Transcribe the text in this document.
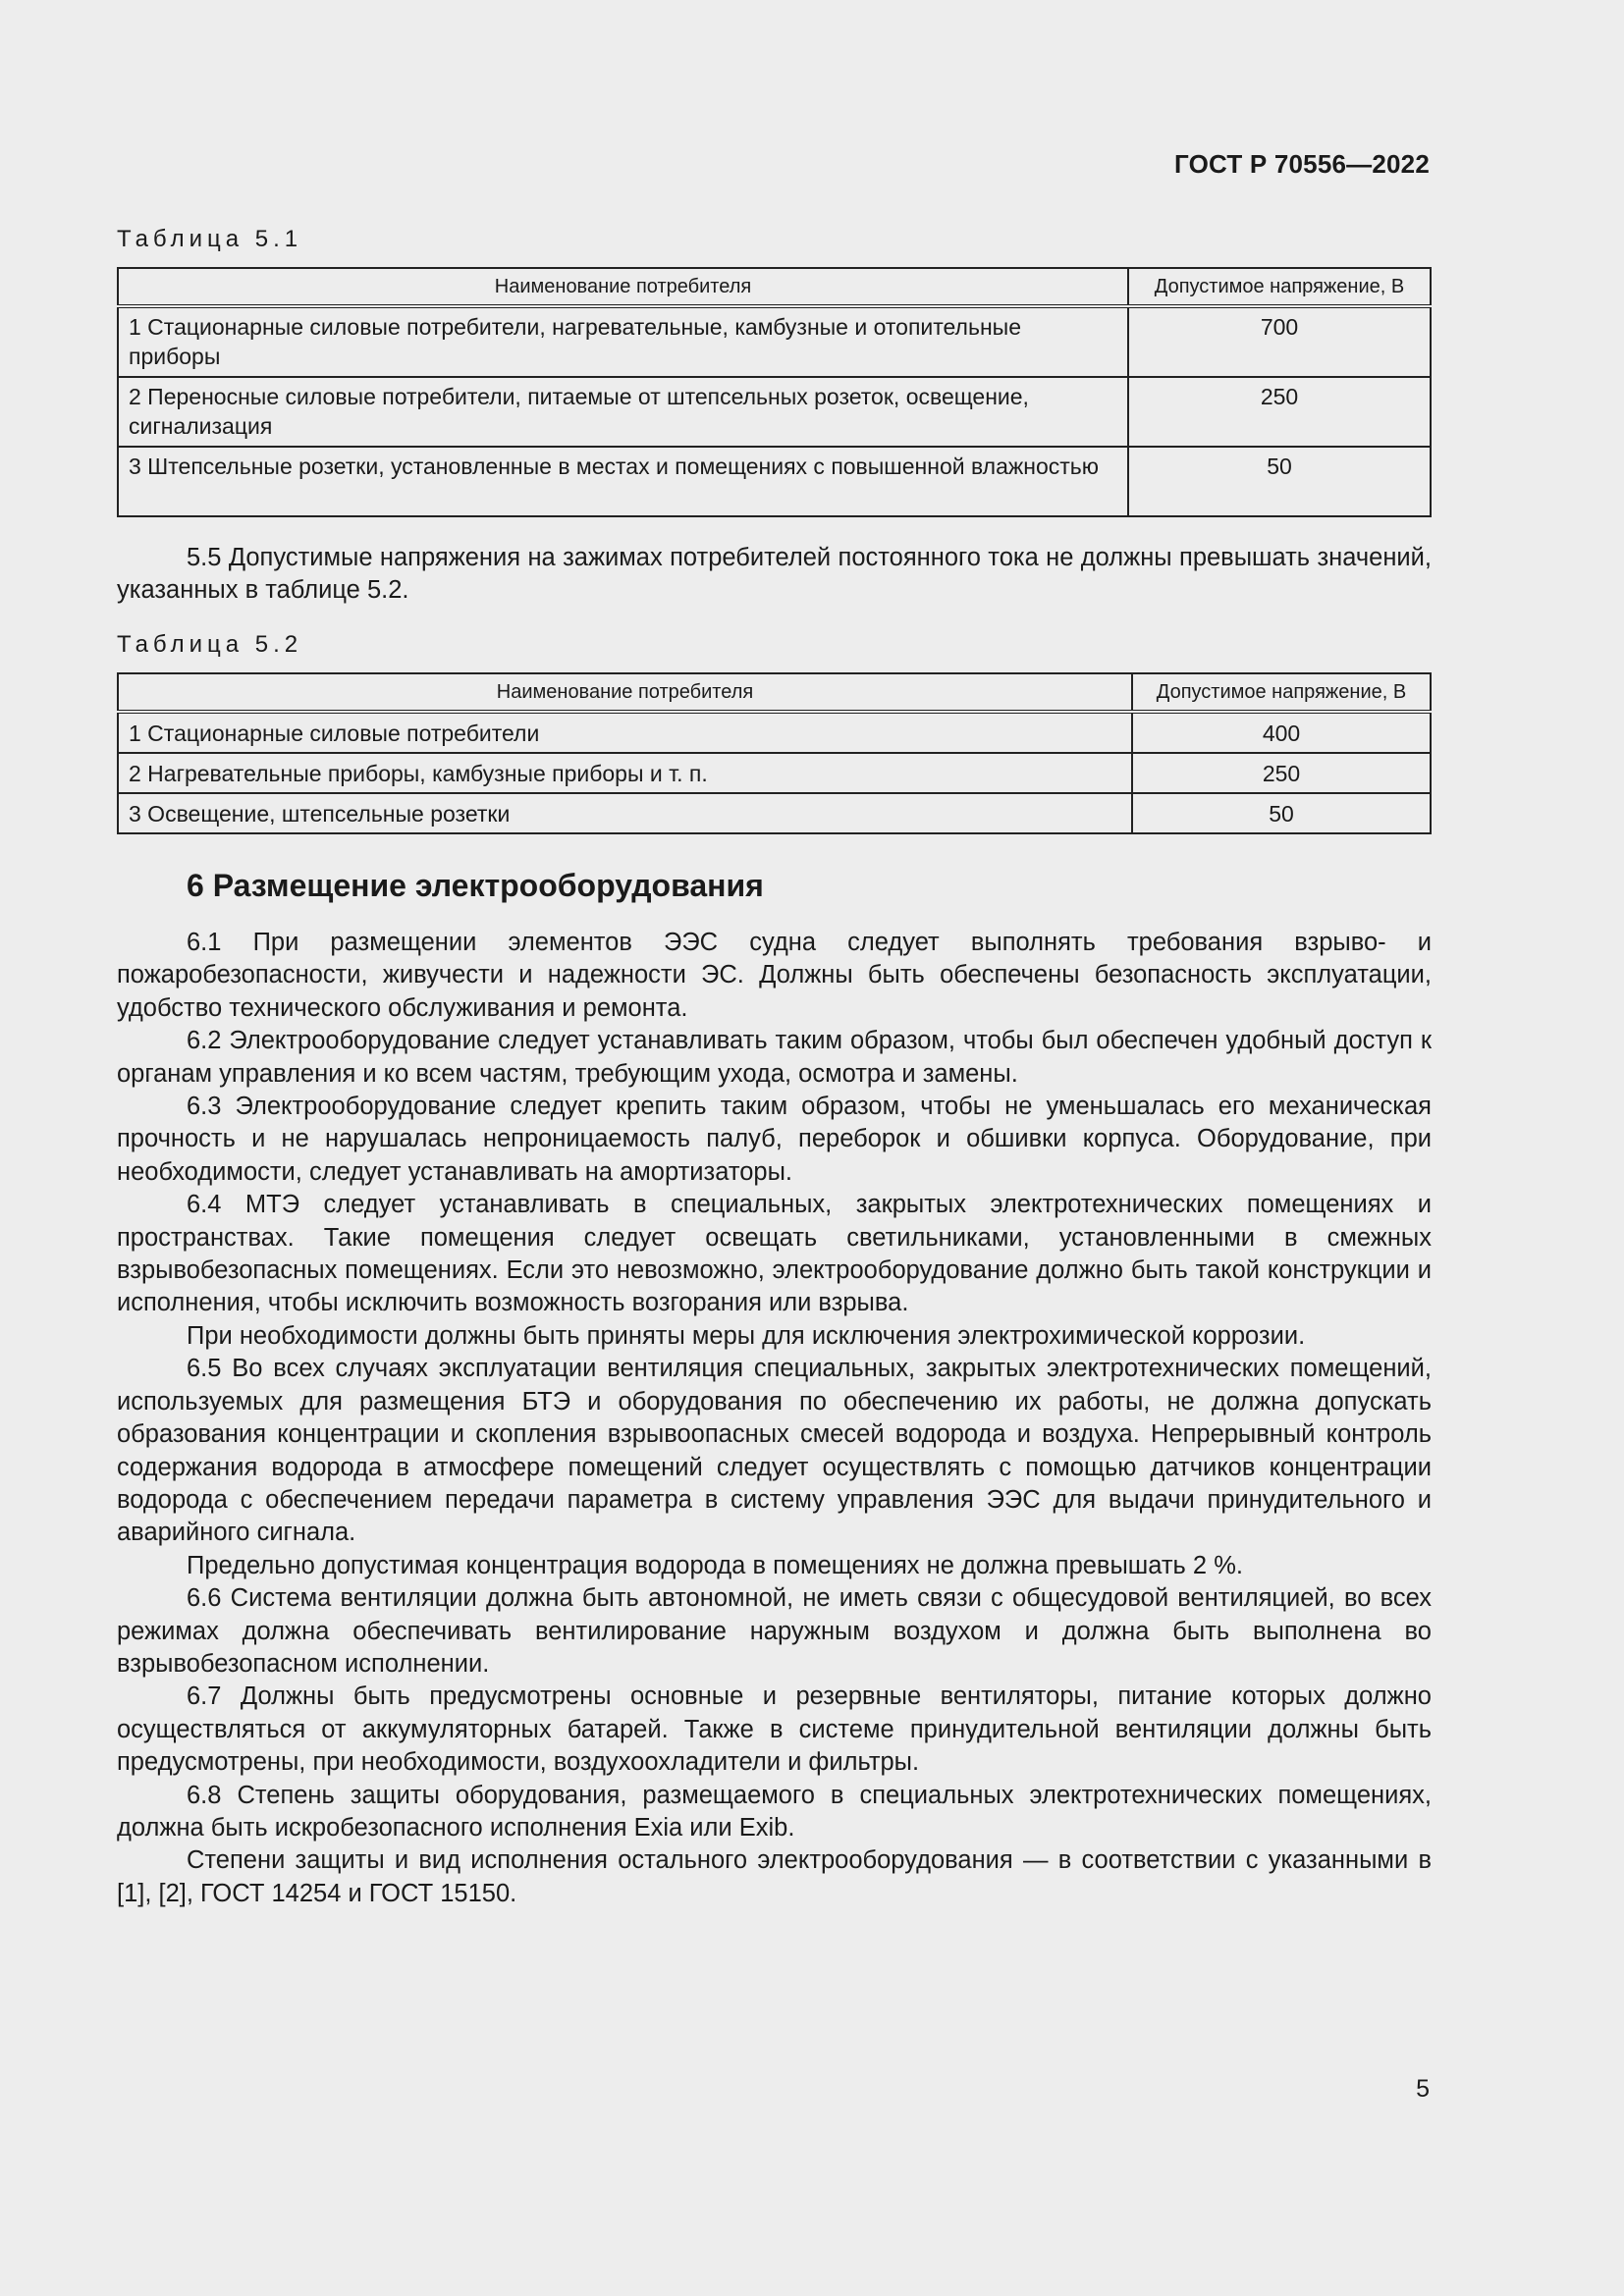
ГОСТ Р 70556—2022
Таблица 5.1
Наименование потребителя	Допустимое напряжение, В
1 Стационарные силовые потребители, нагревательные, камбузные и отопительные приборы	700
2 Переносные силовые потребители, питаемые от штепсельных розеток, освещение, сигнализация	250
3 Штепсельные розетки, установленные в местах и помещениях с повышенной влажностью	50

5.5 Допустимые напряжения на зажимах потребителей постоянного тока не должны превышать значений, указанных в таблице 5.2.

Таблица 5.2
Наименование потребителя	Допустимое напряжение, В
1 Стационарные силовые потребители	400
2 Нагревательные приборы, камбузные приборы и т. п.	250
3 Освещение, штепсельные розетки	50
6 Размещение электрооборудования

6.1 При размещении элементов ЭЭС судна следует выполнять требования взрыво- и пожаробезопасности, живучести и надежности ЭС. Должны быть обеспечены безопасность эксплуатации, удобство технического обслуживания и ремонта.

6.2 Электрооборудование следует устанавливать таким образом, чтобы был обеспечен удобный доступ к органам управления и ко всем частям, требующим ухода, осмотра и замены.

6.3 Электрооборудование следует крепить таким образом, чтобы не уменьшалась его механическая прочность и не нарушалась непроницаемость палуб, переборок и обшивки корпуса. Оборудование, при необходимости, следует устанавливать на амортизаторы.

6.4 МТЭ следует устанавливать в специальных, закрытых электротехнических помещениях и пространствах. Такие помещения следует освещать светильниками, установленными в смежных взрывобезопасных помещениях. Если это невозможно, электрооборудование должно быть такой конструкции и исполнения, чтобы исключить возможность возгорания или взрыва.

При необходимости должны быть приняты меры для исключения электрохимической коррозии.

6.5 Во всех случаях эксплуатации вентиляция специальных, закрытых электротехнических помещений, используемых для размещения БТЭ и оборудования по обеспечению их работы, не должна допускать образования концентрации и скопления взрывоопасных смесей водорода и воздуха. Непрерывный контроль содержания водорода в атмосфере помещений следует осуществлять с помощью датчиков концентрации водорода с обеспечением передачи параметра в систему управления ЭЭС для выдачи принудительного и аварийного сигнала.

Предельно допустимая концентрация водорода в помещениях не должна превышать 2 %.

6.6 Система вентиляции должна быть автономной, не иметь связи с общесудовой вентиляцией, во всех режимах должна обеспечивать вентилирование наружным воздухом и должна быть выполнена во взрывобезопасном исполнении.

6.7 Должны быть предусмотрены основные и резервные вентиляторы, питание которых должно осуществляться от аккумуляторных батарей. Также в системе принудительной вентиляции должны быть предусмотрены, при необходимости, воздухоохладители и фильтры.

6.8 Степень защиты оборудования, размещаемого в специальных электротехнических помещениях, должна быть искробезопасного исполнения Exia или Exib.

Степени защиты и вид исполнения остального электрооборудования — в соответствии с указанными в [1], [2], ГОСТ 14254 и ГОСТ 15150.

5
